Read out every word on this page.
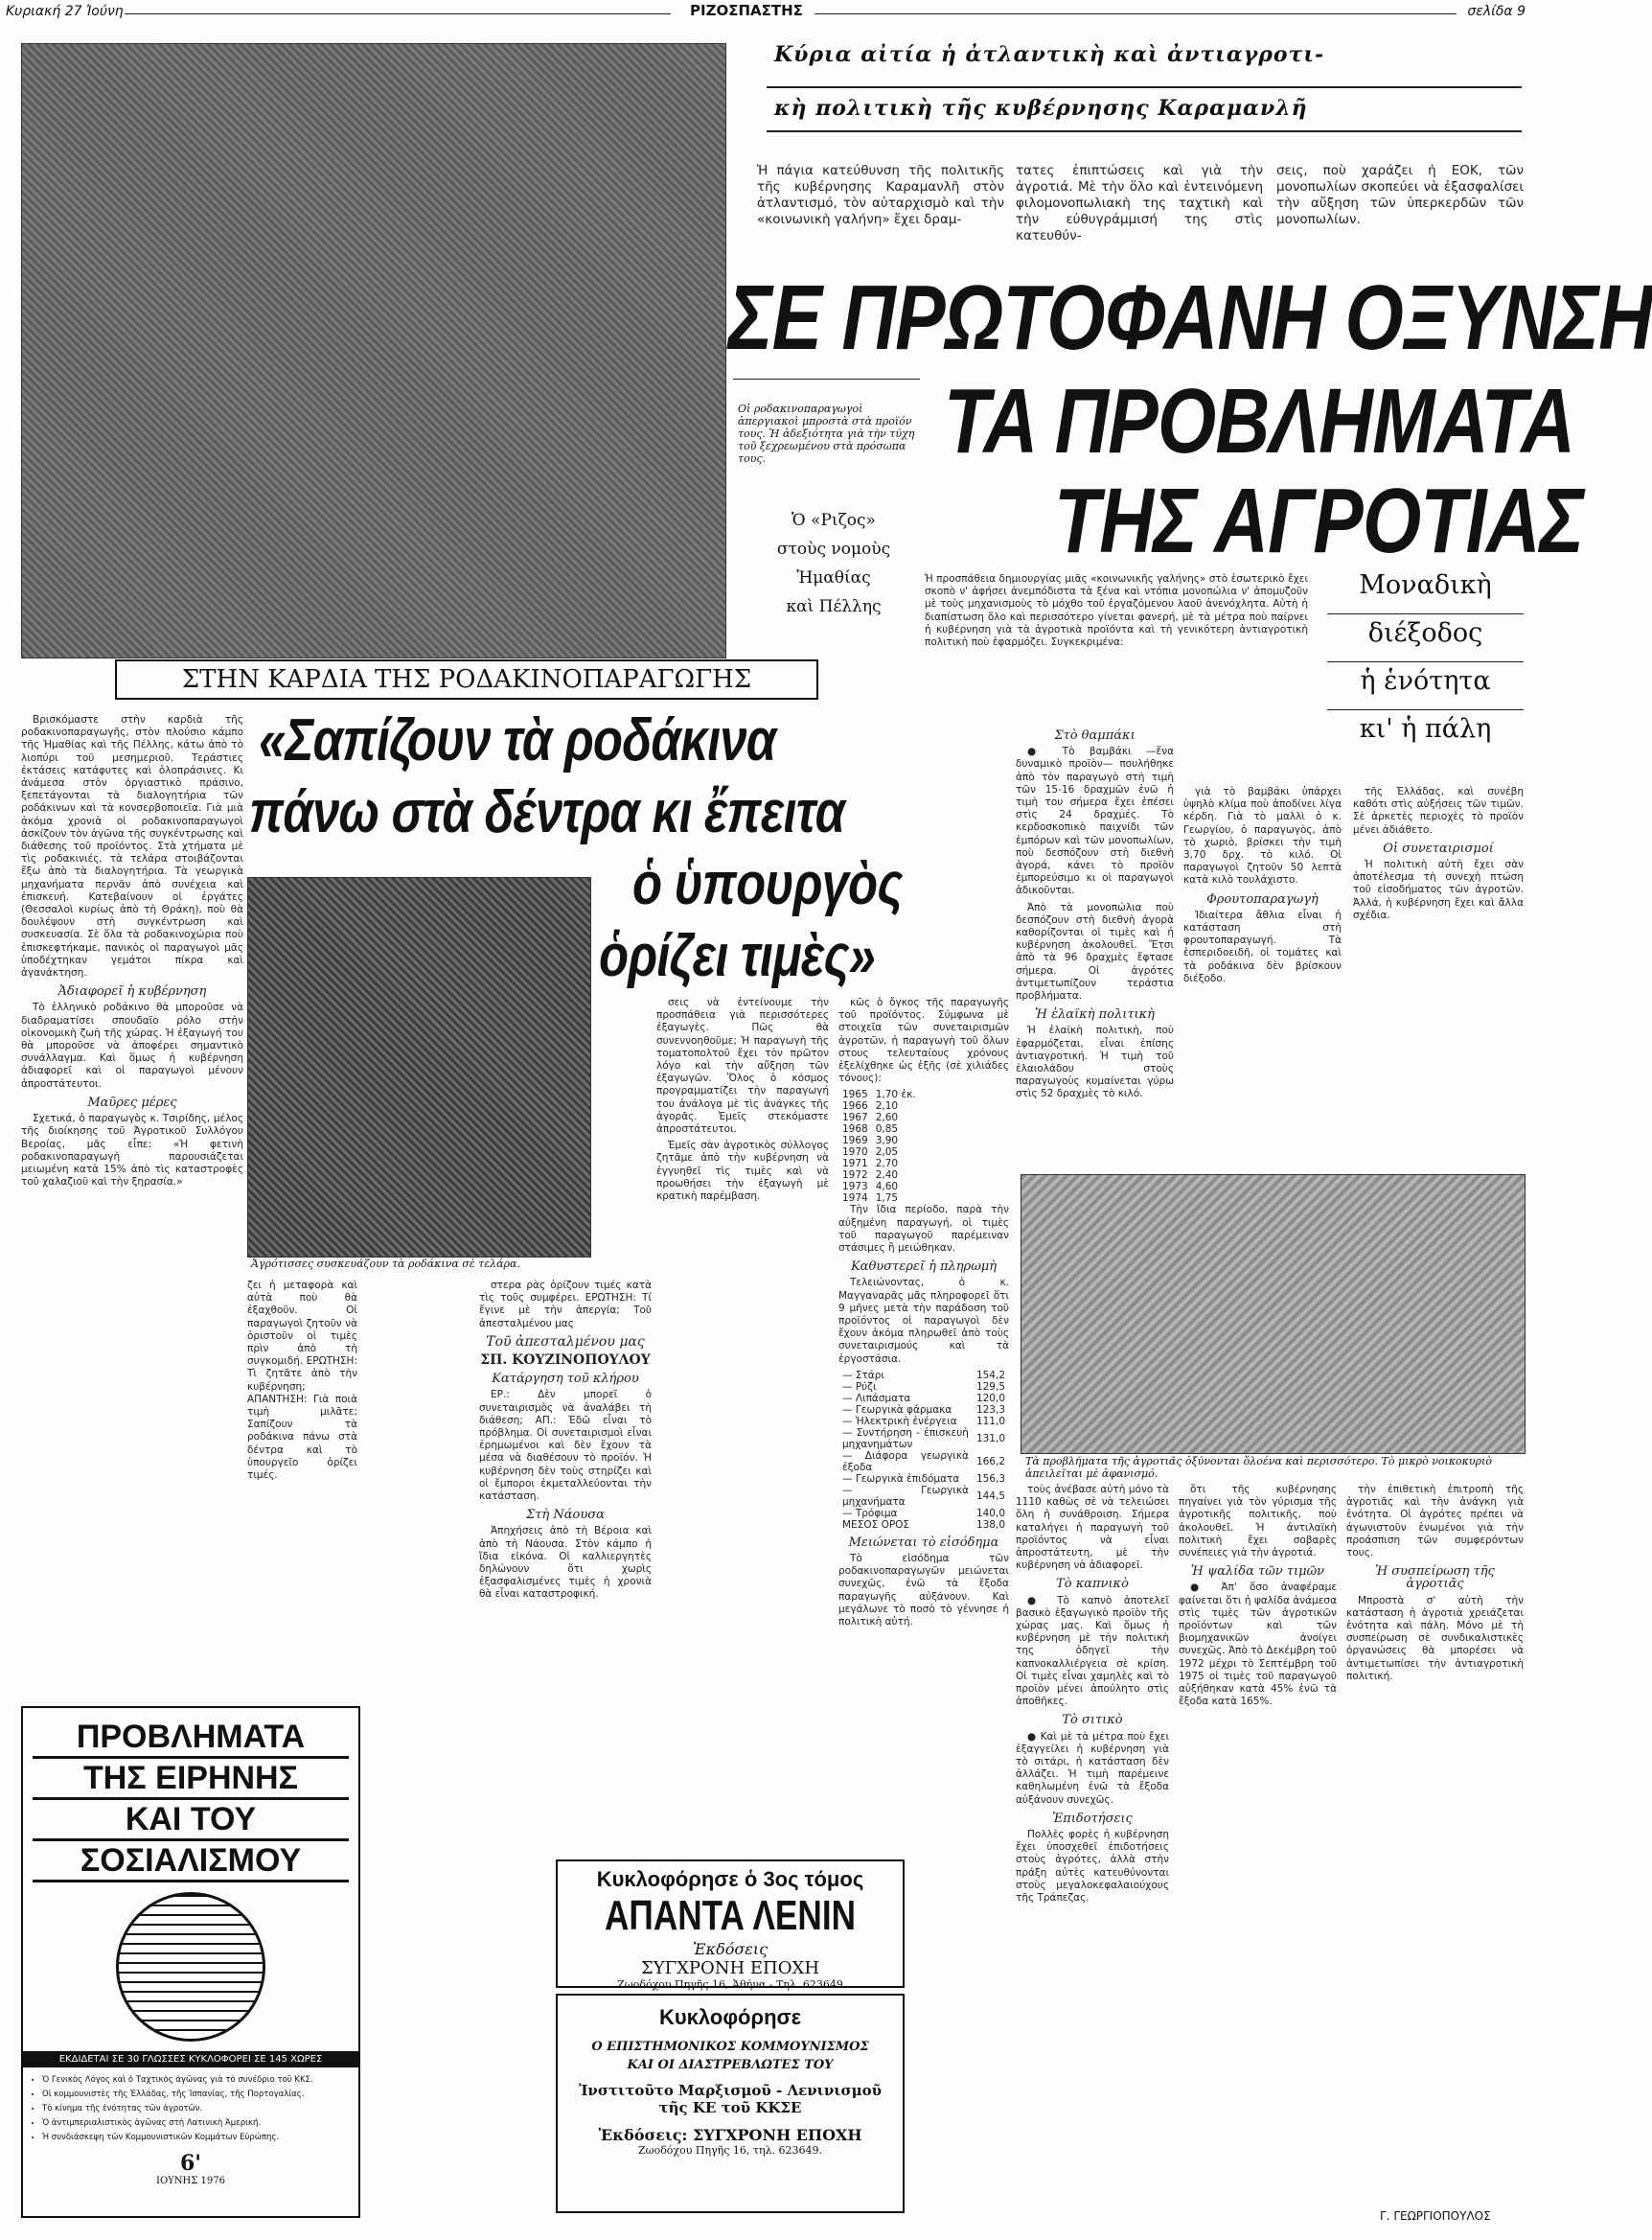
Κυριακή 27 Ἰούνη	ΡΙΖΟΣΠΑΣΤΗΣ	σελίδα 9
Κύρια αἰτία ἡ ἀτλαντικὴ καὶ ἀντιαγροτι-
κὴ πολιτικὴ τῆς κυβέρνησης Καραμανλῆ
Ἡ πάγια κατεύθυνση τῆς πολιτικῆς τῆς κυβέρνησης Καραμανλῆ στὸν ἀτλαντισμό, τὸν αὐταρχισμὸ καὶ τὴν «κοινωνικὴ γαλήνη» ἔχει δραμ-
τατες ἐπιπτώσεις καὶ γιὰ τὴν ἀγροτιά. Μὲ τὴν ὅλο καὶ ἐντεινόμενη φιλομονοπωλιακὴ της ταχτικὴ καὶ τὴν εὐθυγράμμισή της στὶς κατευθύν-
σεις, ποὺ χαράζει ἡ ΕΟΚ, τῶν μονοπωλίων σκοπεύει νὰ ἐξασφαλίσει τὴν αὔξηση τῶν ὑπερκερδῶν τῶν μονοπωλίων.
ΣΕ ΠΡΩΤΟΦΑΝΗ ΟΞΥΝΣΗ
ΤΑ ΠΡΟΒΛΗΜΑΤΑ
ΤΗΣ ΑΓΡΟΤΙΑΣ
Οἱ ροδακινοπαραγωγοὶ ἀπεργιακοὶ μπροστὰ στὰ προϊόν τους. Ἡ ἀδεξιότητα γιὰ τὴν τύχη τοῦ ξεχρεωμένου στὰ πρόσωπα τους.
Ὁ «Ριζος»
στοὺς νομοὺς
Ἡμαθίας
καὶ Πέλλης
Ἡ προσπάθεια δημιουργίας μιᾶς «κοινωνικῆς γαλήνης» στὸ ἐσωτερικὸ ἔχει σκοπὸ ν' ἀφήσει ἀνεμπόδιστα τὰ ξένα καὶ ντόπια μονοπώλια ν' ἀπομυζοῦν μὲ τοὺς μηχανισμοὺς τὸ μόχθο τοῦ ἐργαζόμενου λαοῦ ἀνενόχλητα. Αὐτὴ ἡ διαπίστωση ὅλο καὶ περισσότερο γίνεται φανερή, μὲ τὰ μέτρα ποὺ παίρνει ἡ κυβέρνηση γιὰ τὰ ἀγροτικὰ προϊόντα καὶ τὴ γενικότερη ἀντιαγροτικὴ πολιτικὴ ποὺ ἐφαρμόζει. Συγκεκριμένα:
Μοναδικὴ
διέξοδος
ἡ ἑνότητα
κι' ἡ πάλη
ΣΤΗΝ ΚΑΡΔΙΑ ΤΗΣ ΡΟΔΑΚΙΝΟΠΑΡΑΓΩΓΗΣ

Βρισκόμαστε στὴν καρδιὰ τῆς ροδακινοπαραγωγῆς, στὸν πλούσιο κάμπο τῆς Ἡμαθίας καὶ τῆς Πέλλης, κάτω ἀπὸ τὸ λιοπύρι τοῦ μεσημεριοῦ. Τεράστιες ἐκτάσεις κατάφυτες καὶ ὁλοπράσινες. Κι ἀνάμεσα στὸν ὀργιαστικὸ πράσινο, ξεπετάγονται τὰ διαλογητήρια τῶν ροδάκινων καὶ τὰ κονσερβοποιεῖα. Γιὰ μιὰ ἀκόμα χρονιὰ οἱ ροδακινοπαραγωγοὶ ἀσκίζουν τὸν ἀγῶνα τῆς συγκέντρωσης καὶ διάθεσης τοῦ προϊόντος. Στὰ χτήματα μὲ τὶς ροδακινιές, τὰ τελάρα στοιβάζονται ἔξω ἀπὸ τὰ διαλογητήρια. Τὰ γεωργικὰ μηχανήματα περνᾶν ἀπὸ συνέχεια καὶ ἐπισκευή. Κατεβαίνουν οἱ ἐργάτες (Θεσσαλοὶ κυρίως ἀπὸ τὴ Θράκη), ποὺ θὰ δουλέψουν στὴ συγκέντρωση καὶ συσκευασία. Σὲ ὅλα τὰ ροδακινοχώρια ποὺ ἐπισκεφτήκαμε, πανικὸς οἱ παραγωγοὶ μᾶς ὑποδέχτηκαν γεμάτοι πίκρα καὶ ἀγανάκτηση.

Ἀδιαφορεῖ ἡ κυβέρνηση

Τὸ ἑλληνικὸ ροδάκινο θὰ μποροῦσε νὰ διαδραματίσει σπουδαῖο ρόλο στὴν οἰκονομικὴ ζωὴ τῆς χώρας. Ἡ ἐξαγωγή του θὰ μποροῦσε νὰ ἀποφέρει σημαντικὸ συνάλλαγμα. Καὶ ὅμως ἡ κυβέρνηση ἀδιαφορεῖ καὶ οἱ παραγωγοὶ μένουν ἀπροστάτευτοι.

Μαῦρες μέρες

Σχετικά, ὁ παραγωγὸς κ. Τσιρίδης, μέλος τῆς διοίκησης τοῦ Ἀγροτικοῦ Συλλόγου Βεροίας, μᾶς εἶπε: «Ἡ φετινὴ ροδακινοπαραγωγὴ παρουσιάζεται μειωμένη κατὰ 15% ἀπὸ τὶς καταστροφὲς τοῦ χαλαζιοῦ καὶ τὴν ξηρασία.»

«Σαπίζουν τὰ ροδάκινα
πάνω στὰ δέντρα κι ἔπειτα
ὁ ὑπουργὸς
ὁρίζει τιμὲς»
Ἀγρότισσες συσκευάζουν τὰ ροδάκινα σὲ τελάρα.
ζει ἡ μεταφορὰ καὶ αὐτὰ ποὺ θὰ ἐξαχθοῦν. Οἱ παραγωγοὶ ζητοῦν νὰ ὁριστοῦν οἱ τιμὲς πρὶν ἀπὸ τὴ συγκομιδή. ΕΡΩΤΗΣΗ: Τὶ ζητᾶτε ἀπὸ τὴν κυβέρνηση; ΑΠΑΝΤΗΣΗ: Γιὰ ποιὰ τιμὴ μιλᾶτε; Σαπίζουν τὰ ροδάκινα πάνω στὰ δέντρα καὶ τὸ ὑπουργεῖο ὁρίζει τιμές.

στερα ρὰς ὁρίζουν τιμές κατὰ τὶς τοῦς συμφέρει. ΕΡΩΤΗΣΗ: Τί ἔγινε μὲ τὴν ἀπεργία; Τοῦ ἀπεσταλμένου μας

Τοῦ ἀπεσταλμένου μας
ΣΠ. ΚΟΥΖΙΝΟΠΟΥΛΟΥ
Κατάργηση τοῦ κλήρου

ΕΡ.: Δὲν μπορεῖ ὁ συνεταιρισμὸς νὰ ἀναλάβει τὴ διάθεση; ΑΠ.: Ἐδῶ εἶναι τὸ πρόβλημα. Οἱ συνεταιρισμοὶ εἶναι ἐρημωμένοι καὶ δὲν ἔχουν τὰ μέσα νὰ διαθέσουν τὸ προϊόν. Ἡ κυβέρνηση δὲν τοὺς στηρίζει καὶ οἱ ἔμποροι ἐκμεταλλεύονται τὴν κατάσταση.

Στὴ Νάουσα

Ἀπηχήσεις ἀπὸ τὴ Βέροια καὶ ἀπὸ τὴ Νάουσα. Στὸν κάμπο ἡ ἴδια εἰκόνα. Οἱ καλλιεργητὲς δηλώνουν ὅτι χωρὶς ἐξασφαλισμένες τιμὲς ἡ χρονιὰ θὰ εἶναι καταστροφική.

σεις νὰ ἐντείνουμε τὴν προσπάθεια γιὰ περισσότερες ἐξαγωγὲς. Πῶς θὰ συνεννοηθοῦμε; Ἡ παραγωγὴ τῆς τοματοπολτοῦ ἔχει τὸν πρῶτον λόγο καὶ τὴν αὔξηση τῶν ἐξαγωγῶν. Ὅλος ὁ κόσμος προγραμματίζει τὴν παραγωγή του ἀνάλογα μὲ τὶς ἀνάγκες τῆς ἀγορᾶς. Ἐμεῖς στεκόμαστε ἀπροστάτευτοι.

Ἐμεῖς σὰν ἀγροτικὸς σύλλογος ζητᾶμε ἀπὸ τὴν κυβέρνηση νὰ ἐγγυηθεῖ τὶς τιμὲς καὶ νὰ προωθήσει τὴν ἐξαγωγὴ μὲ κρατικὴ παρέμβαση.

κῶς ὁ ὄγκος τῆς παραγωγῆς τοῦ προϊόντος. Σύμφωνα μὲ στοιχεῖα τῶν συνεταιρισμῶν ἀγροτῶν, ἡ παραγωγὴ τοῦ ὅλων στους τελευταίους χρόνους ἐξελίχθηκε ὡς ἑξῆς (σὲ χιλιάδες τόνους):

1965	1,70 ἐκ.
1966	2,10
1967	2,60
1968	0,85
1969	3,90
1970	2,05
1971	2,70
1972	2,40
1973	4,60
1974	1,75

Τὴν ἴδια περίοδο, παρὰ τὴν αὐξημένη παραγωγή, οἱ τιμὲς τοῦ παραγωγοῦ παρέμειναν στάσιμες ἢ μειώθηκαν.

Καθυστερεῖ ἡ πληρωμὴ

Τελειώνοντας, ὁ κ. Μαγγαναρᾶς μᾶς πληροφορεῖ ὅτι 9 μῆνες μετὰ τὴν παράδοση τοῦ προϊόντος οἱ παραγωγοὶ δὲν ἔχουν ἀκόμα πληρωθεῖ ἀπὸ τοὺς συνεταιρισμούς καὶ τὰ ἐργοστάσια.

— Στάρι	154,2
— Ρύζι	129,5
— Λιπάσματα	120,0
— Γεωργικὰ φάρμακα	123,3
— Ἠλεκτρικὴ ἐνέργεια	111,0
— Συντήρηση - ἐπισκευὴ μηχανημάτων	131,0
— Διάφορα γεωργικὰ ἐξοδα	166,2
— Γεωργικὰ ἐπιδόματα	156,3
— Γεωργικὰ μηχανήματα	144,5
— Τρόφιμα	140,0
ΜΕΣΟΣ ΟΡΟΣ	138,0
Μειώνεται τὸ εἰσόδημα

Τὸ εἰσόδημα τῶν ροδακινοπαραγωγῶν μειώνεται συνεχῶς, ἐνῶ τὰ ἔξοδα παραγωγῆς αὐξάνουν. Καὶ μεγάλωνε τὸ ποσὸ τὸ γέννησε ἡ πολιτικὴ αὐτή.

ΠΡΟΒΛΗΜΑΤΑ
ΤΗΣ ΕΙΡΗΝΗΣ
ΚΑΙ ΤΟΥ
ΣΟΣΙΑΛΙΣΜΟΥ
ΕΚΔΙΔΕΤΑΙ ΣΕ 30 ΓΛΩΣΣΕΣ ΚΥΚΛΟΦΟΡΕΙ ΣΕ 145 ΧΩΡΕΣ
• Ὁ Γενικὸς Λόγος καὶ ὁ Ταχτικὸς ἀγῶνας γιὰ τὸ συνέδριο τοῦ ΚΚΣ.
• Οἱ κομμουνιστὲς τῆς Ἑλλάδας, τῆς Ἰσπανίας, τῆς Πορτογαλίας.
• Τὸ κίνημα τῆς ἑνότητας τῶν ἀγροτῶν.
• Ὁ ἀντιμπεριαλιστικὸς ἀγῶνας στὴ Λατινικὴ Ἀμερική.
• Ἡ συνδιάσκεψη τῶν Κομμουνιστικῶν Κομμάτων Εὐρώπης.
6'
ΙΟΥΝΗΣ 1976
Κυκλοφόρησε ὁ 3ος τόμος
ΑΠΑΝΤΑ ΛΕΝΙΝ
Ἐκδόσεις
ΣΥΓΧΡΟΝΗ ΕΠΟΧΗ
Ζωοδόχου Πηγῆς 16, Ἀθήνα - Τηλ. 623649
Κυκλοφόρησε
Ο ΕΠΙΣΤΗΜΟΝΙΚΟΣ ΚΟΜΜΟΥΝΙΣΜΟΣ
ΚΑΙ ΟΙ ΔΙΑΣΤΡΕΒΛΩΤΕΣ ΤΟΥ
Ἰνστιτοῦτο Μαρξισμοῦ - Λενινισμοῦ τῆς ΚΕ τοῦ ΚΚΣΕ
Ἐκδόσεις: ΣΥΓΧΡΟΝΗ ΕΠΟΧΗ
Ζωοδόχου Πηγῆς 16, τηλ. 623649.
Στὸ θαμπάκι

● Τὸ βαμβάκι —ἕνα δυναμικὸ προϊὸν— πουλήθηκε ἀπὸ τὸν παραγωγὸ στὴ τιμὴ τῶν 15-16 δραχμῶν ἑνῶ ἡ τιμὴ του σήμερα ἔχει ἐπέσει στὶς 24 δραχμές. Τὸ κερδοσκοπικὸ παιχνίδι τῶν ἐμπόρων καὶ τῶν μονοπωλίων, ποὺ δεσπόζουν στὴ διεθνὴ ἀγορά, κάνει τὸ προϊὸν ἐμπορεύσιμο κι οἱ παραγωγοὶ ἀδικοῦνται.

Ἀπὸ τὰ μονοπώλια ποὺ δεσπόζουν στὴ διεθνὴ ἀγορὰ καθορίζονται οἱ τιμὲς καὶ ἡ κυβέρνηση ἀκολουθεῖ. Ἔτσι ἀπὸ τὰ 96 δραχμὲς ἔφτασε σήμερα. Οἱ ἀγρότες ἀντιμετωπίζουν τεράστια προβλήματα.

Ἡ ἐλαϊκὴ πολιτικὴ

Ἡ ἐλαϊκὴ πολιτικὴ, ποὺ ἐφαρμόζεται, εἶναι ἐπίσης ἀντιαγροτική. Ἡ τιμὴ τοῦ ἐλαιολάδου στοὺς παραγωγοὺς κυμαίνεται γύρω στὶς 52 δραχμὲς τὸ κιλό.

γιὰ τὸ βαμβάκι ὑπάρχει ὑψηλὸ κλίμα ποὺ ἀποδίνει λίγα κέρδη. Γιὰ τὸ μαλλὶ ὁ κ. Γεωργίου, ὁ παραγωγὸς, ἀπὸ τὸ χωριὸ, βρίσκει τὴν τιμὴ 3,70 δρχ. τὸ κιλό. Οἱ παραγωγοὶ ζητοῦν 50 λεπτὰ κατὰ κιλὸ τουλάχιστο.

Φρουτοπαραγωγὴ

Ἰδιαίτερα ἄθλια εἶναι ἡ κατάσταση στὴ φρουτοπαραγωγή. Τὰ ἑσπεριδοειδῆ, οἱ τομάτες καὶ τὰ ροδάκινα δὲν βρίσκουν διέξοδο.

τῆς Ἑλλάδας, καὶ συνέβη καθότι στὶς αὐξήσεις τῶν τιμῶν. Σὲ ἀρκετὲς περιοχὲς τὸ προϊὸν μένει ἀδιάθετο.

Οἱ συνεταιρισμοί

Ἡ πολιτικὴ αὐτὴ ἔχει σὰν ἀποτέλεσμα τὴ συνεχὴ πτώση τοῦ εἰσοδήματος τῶν ἀγροτῶν. Ἀλλά, ἡ κυβέρνηση ἔχει καὶ ἄλλα σχέδια.

Τὰ προβλήματα τῆς ἀγροτιᾶς ὀξύνονται ὅλοένα καὶ περισσότερο. Τὸ μικρὸ νοικοκυριὸ ἀπειλεῖται μὲ ἀφανισμό.

τοὺς ἀνέβασε αὐτὴ μόνο τὰ 1110 καθὼς σὲ νὰ τελειώσει ὅλη ἡ συνάθροιση. Σήμερα καταλήγει ἡ παραγωγὴ τοῦ προϊόντος νὰ εἶναι ἀπροστάτευτη, μὲ τὴν κυβέρνηση νὰ ἀδιαφορεῖ.

Τὸ καπνικὸ

● Τὸ καπνὸ ἀποτελεῖ βασικὸ ἐξαγωγικὸ προϊὸν τῆς χώρας μας. Καὶ ὅμως ἡ κυβέρνηση μὲ τὴν πολιτικὴ της ὁδηγεῖ τὴν καπνοκαλλιέργεια σὲ κρίση. Οἱ τιμὲς εἶναι χαμηλὲς καὶ τὸ προϊὸν μένει ἀπούλητο στὶς ἀποθῆκες.

Τὸ σιτικὸ

● Καὶ μὲ τὰ μέτρα ποὺ ἔχει ἐξαγγείλει ἡ κυβέρνηση γιὰ τὸ σιτάρι, ἡ κατάσταση δὲν ἀλλάζει. Ἡ τιμὴ παρέμεινε καθηλωμένη ἐνῶ τὰ ἔξοδα αὐξάνουν συνεχῶς.

Ἐπιδοτήσεις

Πολλὲς φορὲς ἡ κυβέρνηση ἔχει ὑποσχεθεῖ ἐπιδοτήσεις στοὺς ἀγρότες, ἀλλὰ στὴν πράξη αὐτὲς κατευθύνονται στοὺς μεγαλοκεφαλαιούχους τῆς Τράπεζας.

ὅτι τῆς κυβέρνησης πηγαίνει γιὰ τὸν γύρισμα τῆς ἀγροτικῆς πολιτικῆς, ποὺ ἀκολουθεῖ. Ἡ ἀντιλαϊκὴ πολιτικὴ ἔχει σοβαρὲς συνέπειες γιὰ τὴν ἀγροτιά.

Ἡ ψαλίδα τῶν τιμῶν

● Ἀπ' ὅσο ἀναφέραμε φαίνεται ὅτι ἡ ψαλίδα ἀνάμεσα στὶς τιμὲς τῶν ἀγροτικῶν προϊόντων καὶ τῶν βιομηχανικῶν ἀνοίγει συνεχῶς. Ἀπὸ τὸ Δεκέμβρη τοῦ 1972 μέχρι τὸ Σεπτέμβρη τοῦ 1975 οἱ τιμὲς τοῦ παραγωγοῦ αὐξήθηκαν κατὰ 45% ἐνῶ τὰ ἔξοδα κατὰ 165%.

τὴν ἐπιθετικὴ ἐπιτροπὴ τῆς ἀγροτιᾶς καὶ τὴν ἀνάγκη γιὰ ἑνότητα. Οἱ ἀγρότες πρέπει νὰ ἀγωνιστοῦν ἑνωμένοι γιὰ τὴν προάσπιση τῶν συμφερόντων τους.

Ἡ συσπείρωση τῆς ἀγροτιᾶς

Μπροστὰ σ' αὐτὴ τὴν κατάσταση ἡ ἀγροτιὰ χρειάζεται ἑνότητα καὶ πάλη. Μόνο μὲ τὴ συσπείρωση σὲ συνδικαλιστικὲς ὀργανώσεις θὰ μπορέσει νὰ ἀντιμετωπίσει τὴν ἀντιαγροτικὴ πολιτική.

Γ. ΓΕΩΡΓΙΟΠΟΥΛΟΣ
